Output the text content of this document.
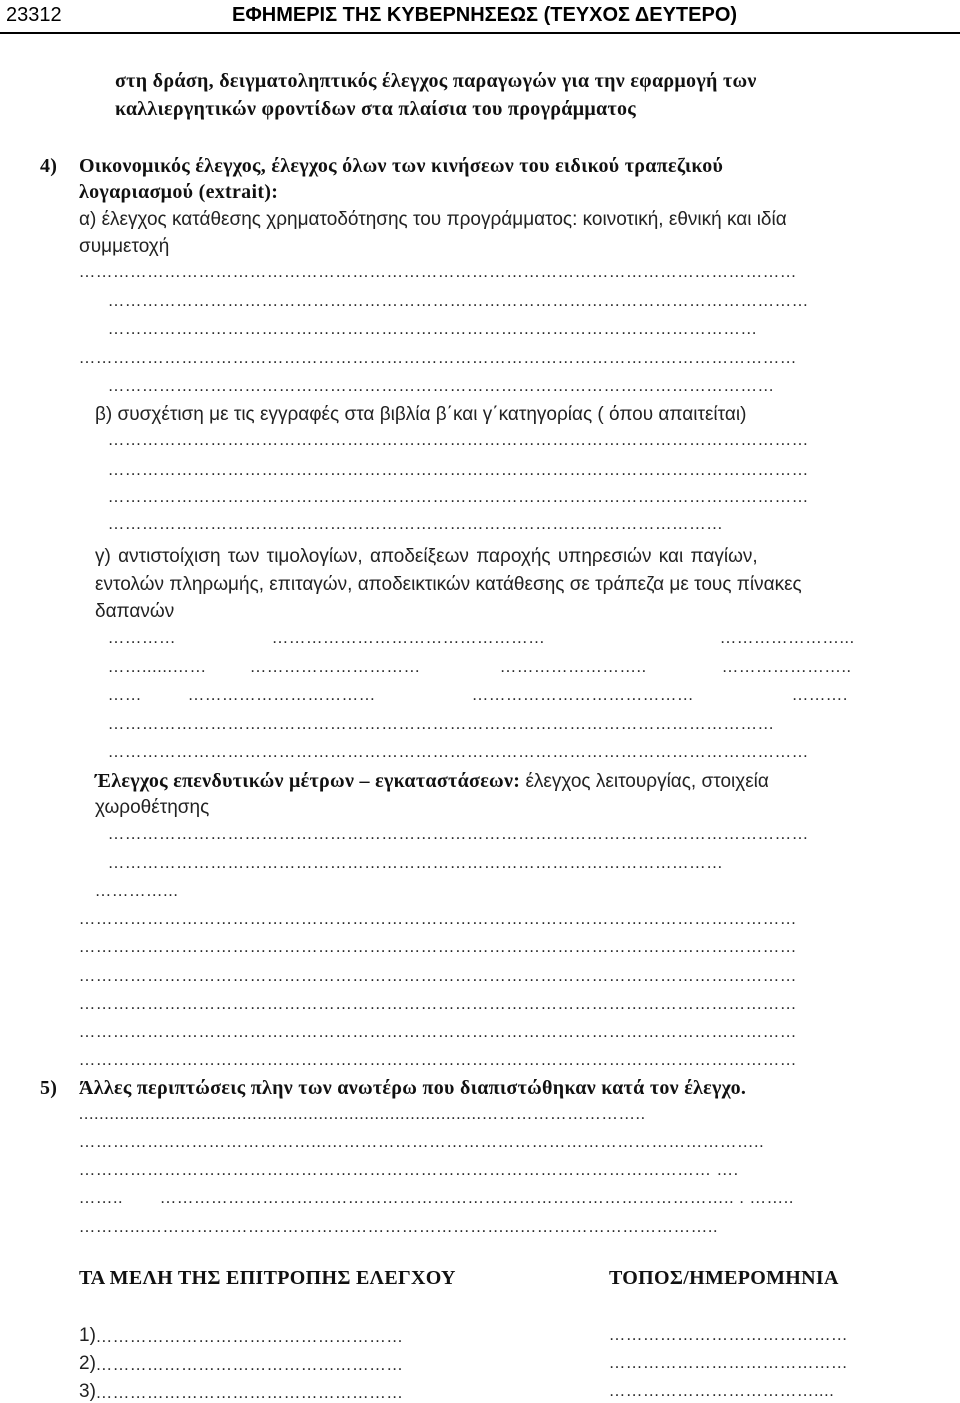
23312	ΕΦΗΜΕΡΙΣ ΤΗΣ ΚΥΒΕΡΝΗΣΕΩΣ (ΤΕΥΧΟΣ ΔΕΥΤΕΡΟ)
στη δράση, δειγματοληπτικός έλεγχος παραγωγών για την εφαρμογή των
καλλιεργητικών φροντίδων στα πλαίσια του προγράμματος
4) Οικονομικός έλεγχος, έλεγχος όλων των κινήσεων του ειδικού τραπεζικού
λογαριασμού (extrait):
α) έλεγχος κατάθεσης χρηματοδότησης του προγράμματος: κοινοτική, εθνική και ιδία
συμμετοχή
………………………………………………………………………………………………………………
……………………………………………………………………………………………………………
……………………………………………………………………………………………………
………………………………………………………………………………………………………………
………………………………………………………………………………………………………
β) συσχέτιση με τις εγγραφές στα βιβλία β΄και γ΄κατηγορίας ( όπου απαιτείται)
……………………………………………………………………………………………………………
……………………………………………………………………………………………………………
……………………………………………………………………………………………………………
………………………………………………………………………………………………
γ) αντιστοίχιση των τιμολογίων, αποδείξεων παροχής υπηρεσιών και παγίων,
εντολών πληρωμής, επιταγών, αποδεικτικών κατάθεσης σε τράπεζα με τους πίνακες
δαπανών
…………	…………………………………………	…………………...
……......……	…………………………	……………………..	…………………..
……	……………………………	…………………………………	…… ….
………………………………………………………………………………………………………
……………………………………………………………………………………………………………
Έλεγχος επενδυτικών μέτρων – εγκαταστάσεων: έλεγχος λειτουργίας, στοιχεία
χωροθέτησης
……………………………………………………………………………………………………………
………………………………………………………………………………………………
…………...
………………………………………………………………………………………………………………
………………………………………………………………………………………………………………
………………………………………………………………………………………………………………
………………………………………………………………………………………………………………
………………………………………………………………………………………………………………
………………………………………………………………………………………………………………
5) Άλλες περιπτώσεις πλην των ανωτέρω που διαπιστώθηκαν κατά τον έλεγχο.
...............................................................................………………………..
……………..……………………...…………………………………………………………………..
………………………………………………………………………………………………… ….
……..	……………………………………………………………………………………….. . ……..
………...………………………………………………………...……………………………..
ΤΑ ΜΕΛΗ ΤΗΣ ΕΠΙΤΡΟΠΗΣ ΕΛΕΓΧΟΥ	ΤΟΠΟΣ/ΗΜΕΡΟΜΗΝΙΑ
1)………………………………………………	……………………………………
2)………………………………………………	……………………………………
3)………………………………………………	………………………………....
